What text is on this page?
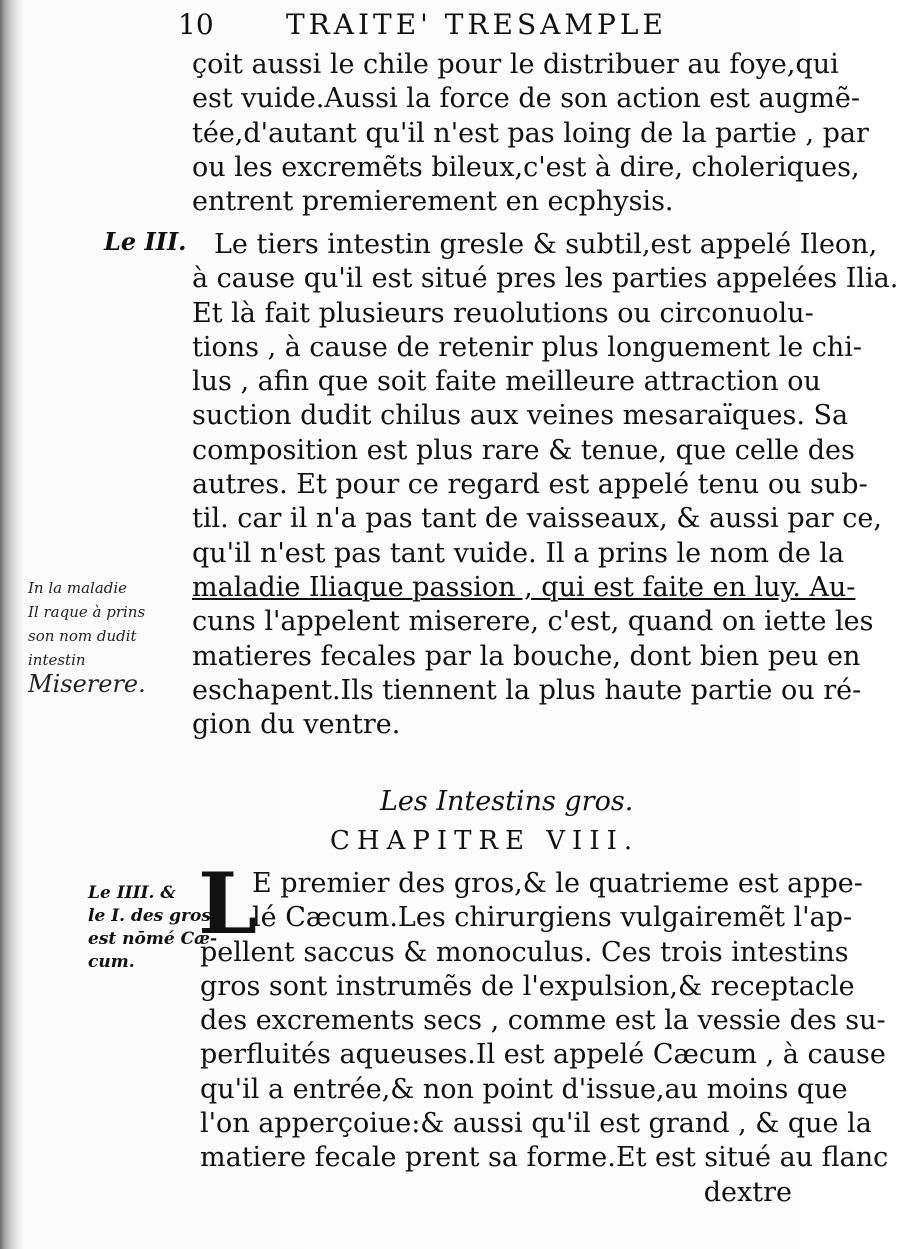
10	TRAITE' TRESAMPLE
çoit aussi le chile pour le distribuer au foye,qui
est vuide.Aussi la force de son action est augmẽ-
tée,d'autant qu'il n'est pas loing de la partie , par
ou les excremẽts bileux,c'est à dire, choleriques,
entrent premierement en ecphysis.
Le III.	Le tiers intestin gresle & subtil,est appelé Ileon,
à cause qu'il est situé pres les parties appelées Ilia.
Et là fait plusieurs reuolutions ou circonuolu-
tions , à cause de retenir plus longuement le chi-
lus , afin que soit faite meilleure attraction ou
suction dudit chilus aux veines mesaraïques. Sa
composition est plus rare & tenue, que celle des
autres. Et pour ce regard est appelé tenu ou sub-
til. car il n'a pas tant de vaisseaux, & aussi par ce,
qu'il n'est pas tant vuide. Il a prins le nom de la
maladie Iliaque passion , qui est faite en luy. Au-
cuns l'appelent miserere, c'est, quand on iette les
matieres fecales par la bouche, dont bien peu en
eschapent.Ils tiennent la plus haute partie ou ré-
gion du ventre.
In la maladie
Il raque à prins
son nom dudit
intestin
Miserere.
Les Intestins gros.
CHAPITRE VIII.
Le IIII. &
le I. des gros
est nōmé Cæ-
cum.
L
E premier des gros,& le quatrieme est appe-
lé Cæcum.Les chirurgiens vulgairemẽt l'ap-
pellent saccus & monoculus. Ces trois intestins
gros sont instrumẽs de l'expulsion,& receptacle
des excrements secs , comme est la vessie des su-
perfluités aqueuses.Il est appelé Cæcum , à cause
qu'il a entrée,& non point d'issue,au moins que
l'on apperçoiue:& aussi qu'il est grand , & que la
matiere fecale prent sa forme.Et est situé au flanc
dextre
